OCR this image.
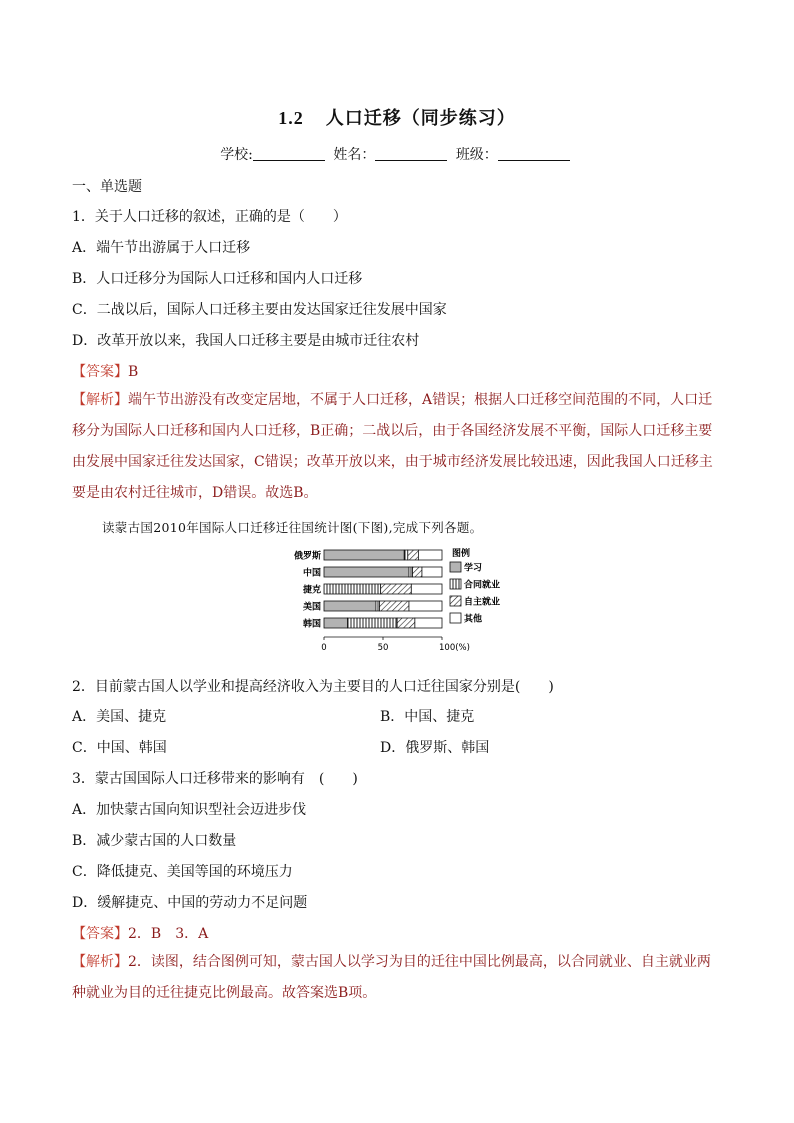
1.2 人口迁移（同步练习）
学校:	姓名：	班级：
一、单选题
1．关于人口迁移的叙述，正确的是（　　）
A．端午节出游属于人口迁移
B．人口迁移分为国际人口迁移和国内人口迁移
C．二战以后，国际人口迁移主要由发达国家迁往发展中国家
D．改革开放以来，我国人口迁移主要是由城市迁往农村
【答案】B
【解析】端午节出游没有改变定居地，不属于人口迁移，A错误；根据人口迁移空间范围的不同，人口迁移分为国际人口迁移和国内人口迁移，B正确；二战以后，由于各国经济发展不平衡，国际人口迁移主要由发展中国家迁往发达国家，C错误；改革开放以来，由于城市经济发展比较迅速，因此我国人口迁移主要是由农村迁往城市，D错误。故选B。
读蒙古国2010年国际人口迁移迁往国统计图(下图),完成下列各题。
俄罗斯
中国
捷克
美国
韩国
0	50	100(%)
图例
学习
合同就业
自主就业
其他
2．目前蒙古国人以学业和提高经济收入为主要目的人口迁往国家分别是(　　)
A．美国、捷克	B．中国、捷克
C．中国、韩国	D．俄罗斯、韩国
3．蒙古国国际人口迁移带来的影响有　(　　)
A．加快蒙古国向知识型社会迈进步伐
B．减少蒙古国的人口数量
C．降低捷克、美国等国的环境压力
D．缓解捷克、中国的劳动力不足问题
【答案】2．B　3．A
【解析】2．读图，结合图例可知，蒙古国人以学习为目的迁往中国比例最高，以合同就业、自主就业两种就业为目的迁往捷克比例最高。故答案选B项。
